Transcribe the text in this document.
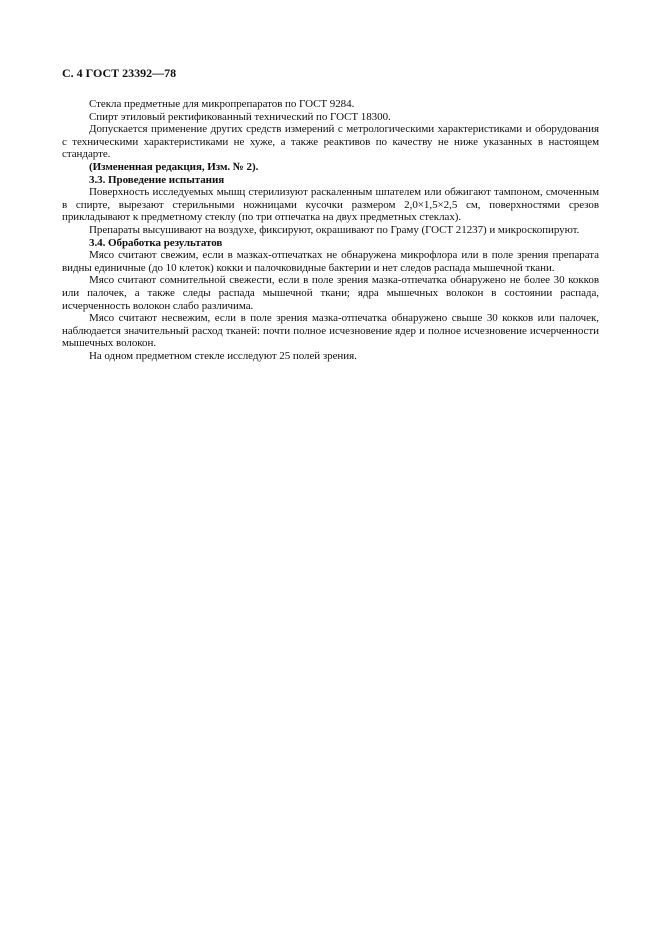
С. 4 ГОСТ 23392—78

Стекла предметные для микропрепаратов по ГОСТ 9284.

Спирт этиловый ректификованный технический по ГОСТ 18300.

Допускается применение других средств измерений с метрологическими характеристиками и оборудования с техническими характеристиками не хуже, а также реактивов по качеству не ниже указанных в настоящем стандарте.

(Измененная редакция, Изм. № 2).

3.3. Проведение испытания

Поверхность исследуемых мышц стерилизуют раскаленным шпателем или обжигают тампоном, смоченным в спирте, вырезают стерильными ножницами кусочки размером 2,0×1,5×2,5 см, поверхностями срезов прикладывают к предметному стеклу (по три отпечатка на двух предметных стеклах).

Препараты высушивают на воздухе, фиксируют, окрашивают по Граму (ГОСТ 21237) и микроскопируют.

3.4. Обработка результатов

Мясо считают свежим, если в мазках-отпечатках не обнаружена микрофлора или в поле зрения препарата видны единичные (до 10 клеток) кокки и палочковидные бактерии и нет следов распада мышечной ткани.

Мясо считают сомнительной свежести, если в поле зрения мазка-отпечатка обнаружено не более 30 кокков или палочек, а также следы распада мышечной ткани; ядра мышечных волокон в состоянии распада, исчерченность волокон слабо различима.

Мясо считают несвежим, если в поле зрения мазка-отпечатка обнаружено свыше 30 кокков или палочек, наблюдается значительный расход тканей: почти полное исчезновение ядер и полное исчезновение исчерченности мышечных волокон.

На одном предметном стекле исследуют 25 полей зрения.
